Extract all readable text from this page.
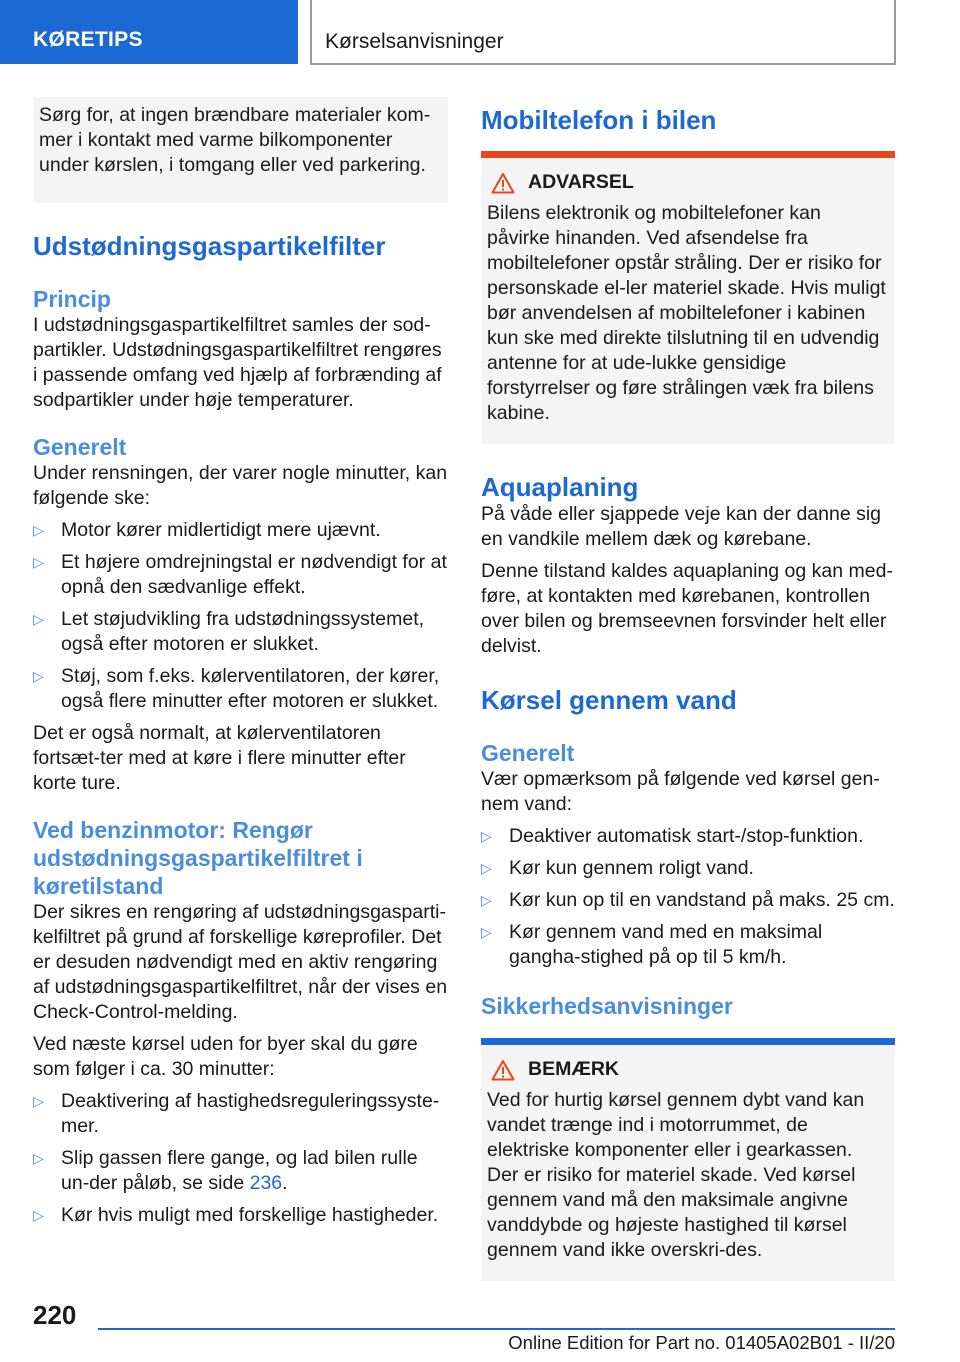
KØRETIPS	Kørselsanvisninger

Sørg for, at ingen brændbare materialer kom‐mer i kontakt med varme bilkomponenter under kørslen, i tomgang eller ved parkering.

Udstødningsgaspartikelfilter
Princip

I udstødningsgaspartikelfiltret samles der sod‐partikler. Udstødningsgaspartikelfiltret rengøres i passende omfang ved hjælp af forbrænding af sodpartikler under høje temperaturer.

Generelt

Under rensningen, der varer nogle minutter, kan følgende ske:

▷ Motor kører midlertidigt mere ujævnt.
▷ Et højere omdrejningstal er nødvendigt for at opnå den sædvanlige effekt.
▷ Let støjudvikling fra udstødningssystemet, også efter motoren er slukket.
▷ Støj, som f.eks. kølerventilatoren, der kører, også flere minutter efter motoren er slukket.

Det er også normalt, at kølerventilatoren fortsæt‐ter med at køre i flere minutter efter korte ture.

Ved benzinmotor: Rengør udstødningsgaspartikelfiltret i køretilstand

Der sikres en rengøring af udstødningsgasparti‐kelfiltret på grund af forskellige køreprofiler. Det er desuden nødvendigt med en aktiv rengøring af udstødningsgaspartikelfiltret, når der vises en Check-Control-melding.

Ved næste kørsel uden for byer skal du gøre som følger i ca. 30 minutter:

▷ Deaktivering af hastighedsreguleringssyste‐mer.
▷ Slip gassen flere gange, og lad bilen rulle un‐der påløb, se side 236.
▷ Kør hvis muligt med forskellige hastigheder.
Mobiltelefon i bilen
ADVARSEL

Bilens elektronik og mobiltelefoner kan påvirke hinanden. Ved afsendelse fra mobiltelefoner opstår stråling. Der er risiko for personskade el‐ler materiel skade. Hvis muligt bør anvendelsen af mobiltelefoner i kabinen kun ske med direkte tilslutning til en udvendig antenne for at ude‐lukke gensidige forstyrrelser og føre strålingen væk fra bilens kabine.

Aquaplaning

På våde eller sjappede veje kan der danne sig en vandkile mellem dæk og kørebane.

Denne tilstand kaldes aquaplaning og kan med‐føre, at kontakten med kørebanen, kontrollen over bilen og bremseevnen forsvinder helt eller delvist.

Kørsel gennem vand
Generelt

Vær opmærksom på følgende ved kørsel gen‐nem vand:

▷ Deaktiver automatisk start-/stop-funktion.
▷ Kør kun gennem roligt vand.
▷ Kør kun op til en vandstand på maks. 25 cm.
▷ Kør gennem vand med en maksimal gangha‐stighed på op til 5 km/h.
Sikkerhedsanvisninger
BEMÆRK

Ved for hurtig kørsel gennem dybt vand kan vandet trænge ind i motorrummet, de elektriske komponenter eller i gearkassen. Der er risiko for materiel skade. Ved kørsel gennem vand må den maksimale angivne vanddybde og højeste hastighed til kørsel gennem vand ikke overskri‐des.

220
Online Edition for Part no. 01405A02B01 - II/20
